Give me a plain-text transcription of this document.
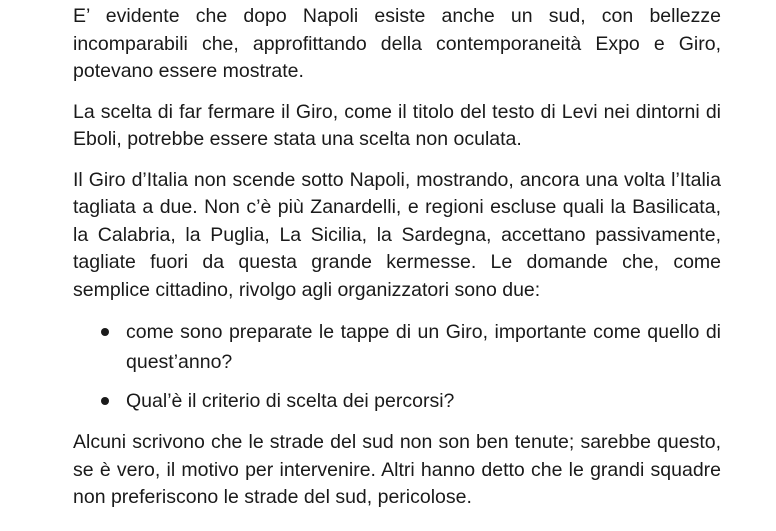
E’ evidente che dopo Napoli esiste anche un sud, con bellezze incomparabili che, approfittando della contemporaneità Expo e Giro, potevano essere mostrate.

La scelta di far fermare il Giro, come il titolo del testo di Levi nei dintorni di Eboli, potrebbe essere stata una scelta non oculata.

Il Giro d’Italia non scende sotto Napoli, mostrando, ancora una volta l’Italia tagliata a due. Non c’è più Zanardelli, e regioni escluse quali la Basilicata, la Calabria, la Puglia, La Sicilia, la Sardegna, accettano passivamente, tagliate fuori da questa grande kermesse. Le domande che, come semplice cittadino, rivolgo agli organizzatori sono due:

come sono preparate le tappe di un Giro, importante come quello di quest’anno?
Qual’è il criterio di scelta dei percorsi?

Alcuni scrivono che le strade del sud non son ben tenute; sarebbe questo, se è vero, il motivo per intervenire. Altri hanno detto che le grandi squadre non preferiscono le strade del sud, pericolose.
